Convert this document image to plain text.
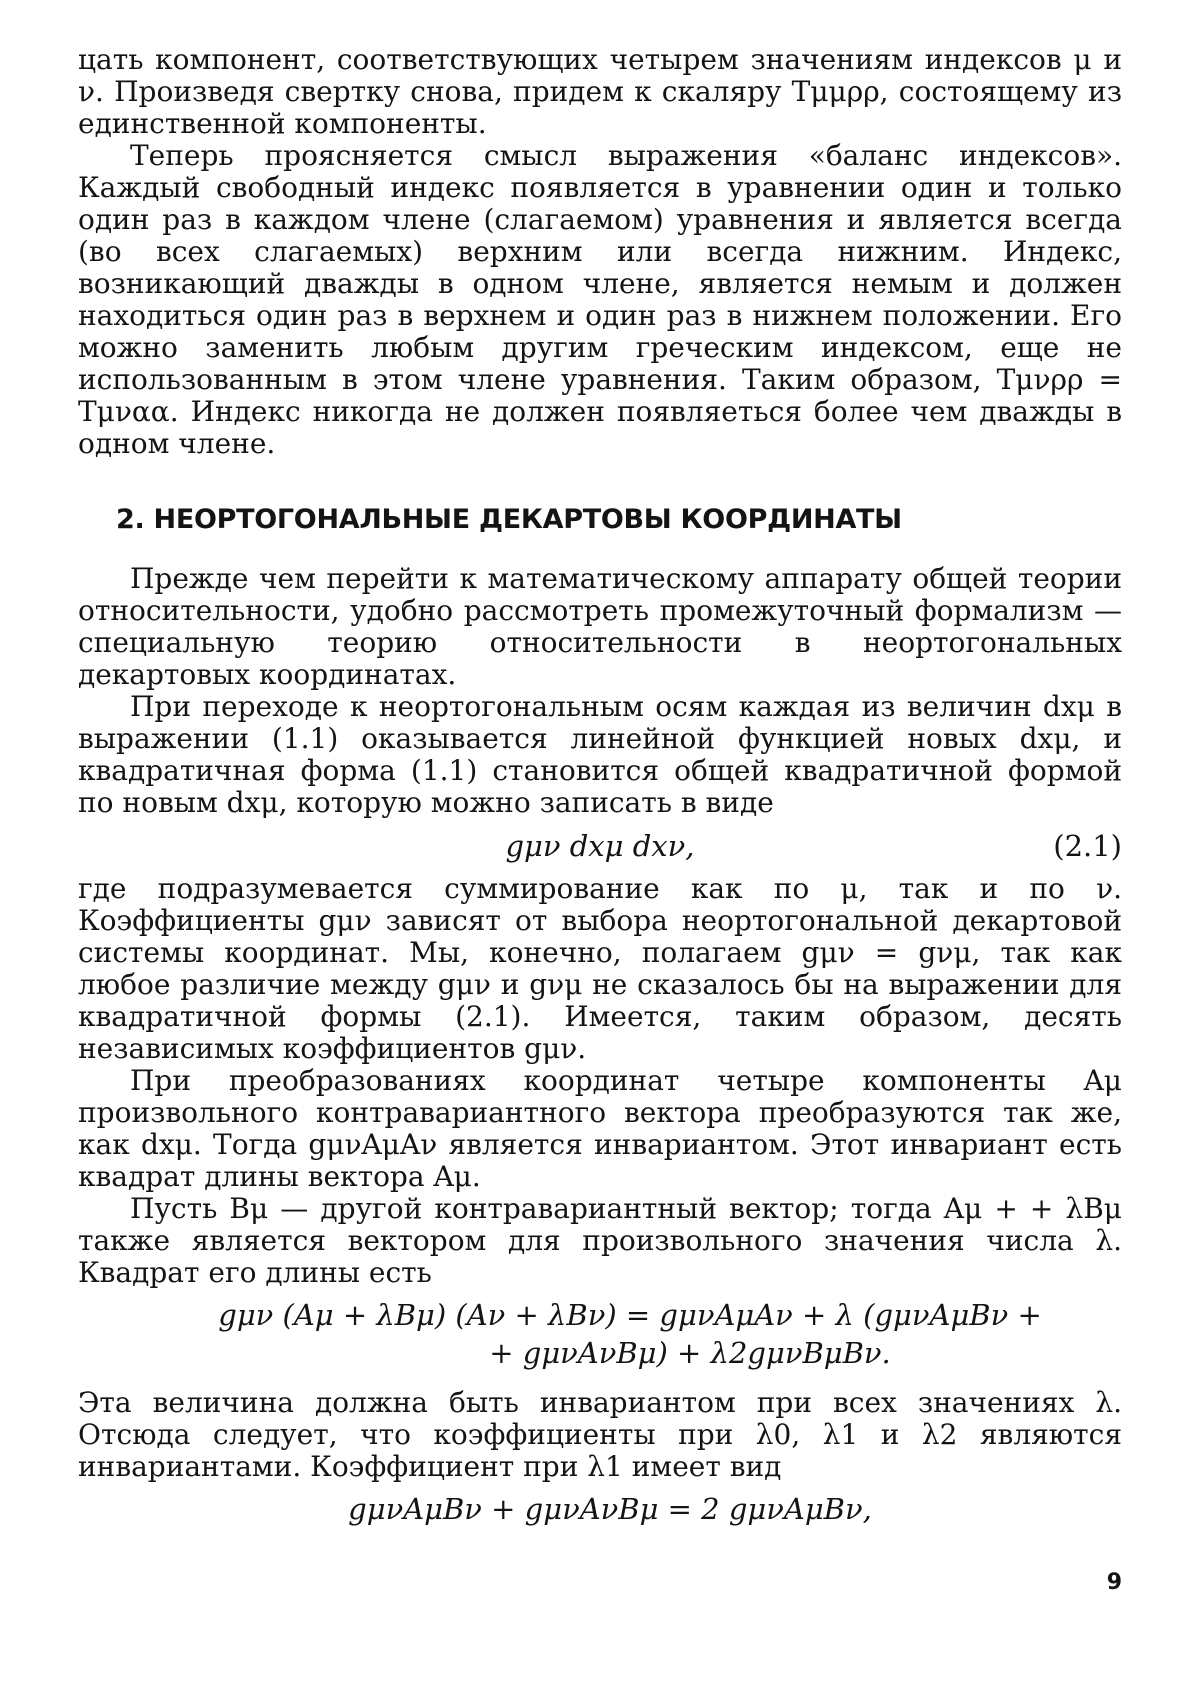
цать компонент, соответствующих четырем значениям индексов μ и ν. Произведя свертку снова, придем к скаляру Tμμρρ, состоящему из единственной компоненты.

Теперь проясняется смысл выражения «баланс индексов». Каждый свободный индекс появляется в уравнении один и только один раз в каждом члене (слагаемом) уравнения и является всегда (во всех слагаемых) верхним или всегда нижним. Индекс, возникающий дважды в одном члене, является немым и должен находиться один раз в верхнем и один раз в нижнем положении. Его можно заменить любым другим греческим индексом, еще не использованным в этом члене уравнения. Таким образом, Tμνρρ = Tμναα. Индекс никогда не должен появляеться более чем дважды в одном члене.

2. НЕОРТОГОНАЛЬНЫЕ ДЕКАРТОВЫ КООРДИНАТЫ

Прежде чем перейти к математическому аппарату общей теории относительности, удобно рассмотреть промежуточный формализм — специальную теорию относительности в неортогональных декартовых координатах.

При переходе к неортогональным осям каждая из величин dxμ в выражении (1.1) оказывается линейной функцией новых dxμ, и квадратичная форма (1.1) становится общей квадратичной формой по новым dxμ, которую можно записать в виде

gμν dxμ dxν,	(2.1)

где подразумевается суммирование как по μ, так и по ν. Коэффициенты gμν зависят от выбора неортогональной декартовой системы координат. Мы, конечно, полагаем gμν = gνμ, так как любое различие между gμν и gνμ не сказалось бы на выражении для квадратичной формы (2.1). Имеется, таким образом, десять независимых коэффициентов gμν.

При преобразованиях координат четыре компоненты Aμ произвольного контравариантного вектора преобразуются так же, как dxμ. Тогда gμνAμAν является инвариантом. Этот инвариант есть квадрат длины вектора Aμ.

Пусть Bμ — другой контравариантный вектор; тогда Aμ + + λBμ также является вектором для произвольного значения числа λ. Квадрат его длины есть

gμν (Aμ + λBμ) (Aν + λBν) = gμνAμAν + λ (gμνAμBν +
+ gμνAνBμ) + λ2gμνBμBν.

Эта величина должна быть инвариантом при всех значениях λ. Отсюда следует, что коэффициенты при λ0, λ1 и λ2 являются инвариантами. Коэффициент при λ1 имеет вид

gμνAμBν + gμνAνBμ = 2 gμνAμBν,
9
